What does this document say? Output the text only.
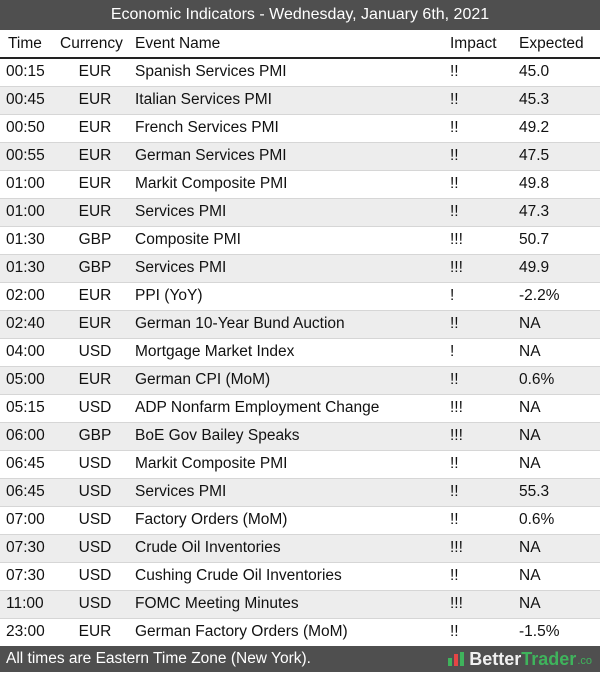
Economic Indicators - Wednesday, January 6th, 2021
Time	Currency	Event Name	Impact	Expected
00:15	EUR	Spanish Services PMI	!!	45.0
00:45	EUR	Italian Services PMI	!!	45.3
00:50	EUR	French Services PMI	!!	49.2
00:55	EUR	German Services PMI	!!	47.5
01:00	EUR	Markit Composite PMI	!!	49.8
01:00	EUR	Services PMI	!!	47.3
01:30	GBP	Composite PMI	!!!	50.7
01:30	GBP	Services PMI	!!!	49.9
02:00	EUR	PPI (YoY)	!	-2.2%
02:40	EUR	German 10-Year Bund Auction	!!	NA
04:00	USD	Mortgage Market Index	!	NA
05:00	EUR	German CPI (MoM)	!!	0.6%
05:15	USD	ADP Nonfarm Employment Change	!!!	NA
06:00	GBP	BoE Gov Bailey Speaks	!!!	NA
06:45	USD	Markit Composite PMI	!!	NA
06:45	USD	Services PMI	!!	55.3
07:00	USD	Factory Orders (MoM)	!!	0.6%
07:30	USD	Crude Oil Inventories	!!!	NA
07:30	USD	Cushing Crude Oil Inventories	!!	NA
11:00	USD	FOMC Meeting Minutes	!!!	NA
23:00	EUR	German Factory Orders (MoM)	!!	-1.5%
All times are Eastern Time Zone (New York).	Better Trader .co
